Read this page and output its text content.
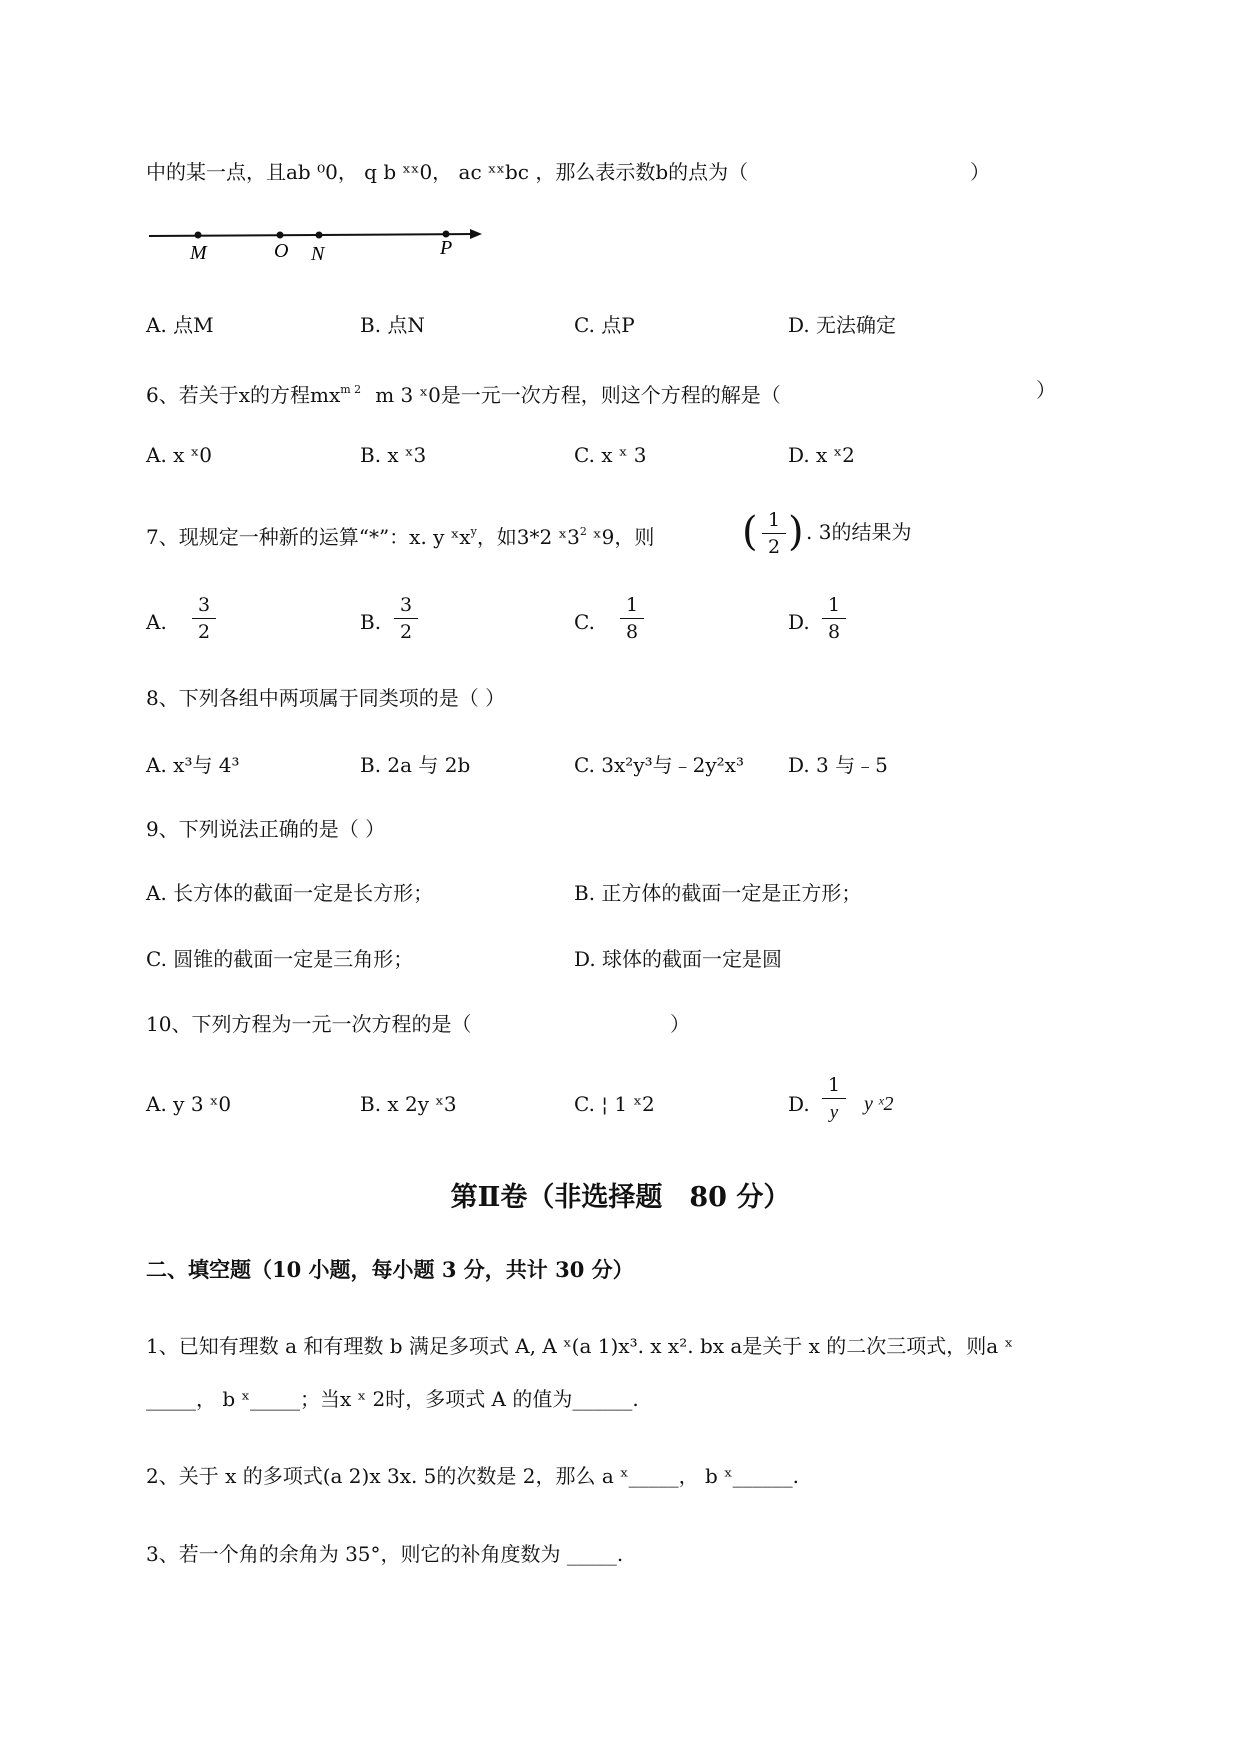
中的某一点，且ab ⁰0， q b ˣˣ0， ac ˣˣbc ，那么表示数b的点为（	）
M	O N	P
A. 点M	B. 点N	C. 点P	D. 无法确定
6、若关于x的方程$mx^{m 2}$ m 3 ˣ0是一元一次方程，则这个方程的解是（	）
A. x ˣ0	B. x ˣ3	C. x ˣ 3	D. x ˣ2
7、现规定一种新的运算“*”：x. y ˣx$^y$，如3*2 $ˣ3^2$ ˣ9，则 ( 1
2 ) . 3的结果为
A.
3
2	B.
3
2	C.
1
8	D.
1
8
8、下列各组中两项属于同类项的是（ ）
A. x³与 4³	B. 2a 与 2b	C. 3x²y³与﹣2y²x³ D. 3 与﹣5
9、下列说法正确的是（ ）
A. 长方体的截面一定是长方形；	B. 正方体的截面一定是正方形；
C. 圆锥的截面一定是三角形；	D. 球体的截面一定是圆
10、下列方程为一元一次方程的是（	）
A. y 3 ˣ0	B. x 2y ˣ3	C. ¦ 1 ˣ2	D.
1
y	y ˣ2
第Ⅱ卷（非选择题　80 分）
二、填空题（10 小题，每小题 3 分，共计 30 分）
1、已知有理数 a 和有理数 b 满足多项式 A, A ˣ(a 1)x³. x x². bx a是关于 x 的二次三项式，则a ˣ
_____， b ˣ_____；当x ˣ 2时，多项式 A 的值为______.
2、关于 x 的多项式(a 2)x 3x. 5的次数是 2，那么 a ˣ_____， b ˣ______.
3、若一个角的余角为 35°，则它的补角度数为 _____.
